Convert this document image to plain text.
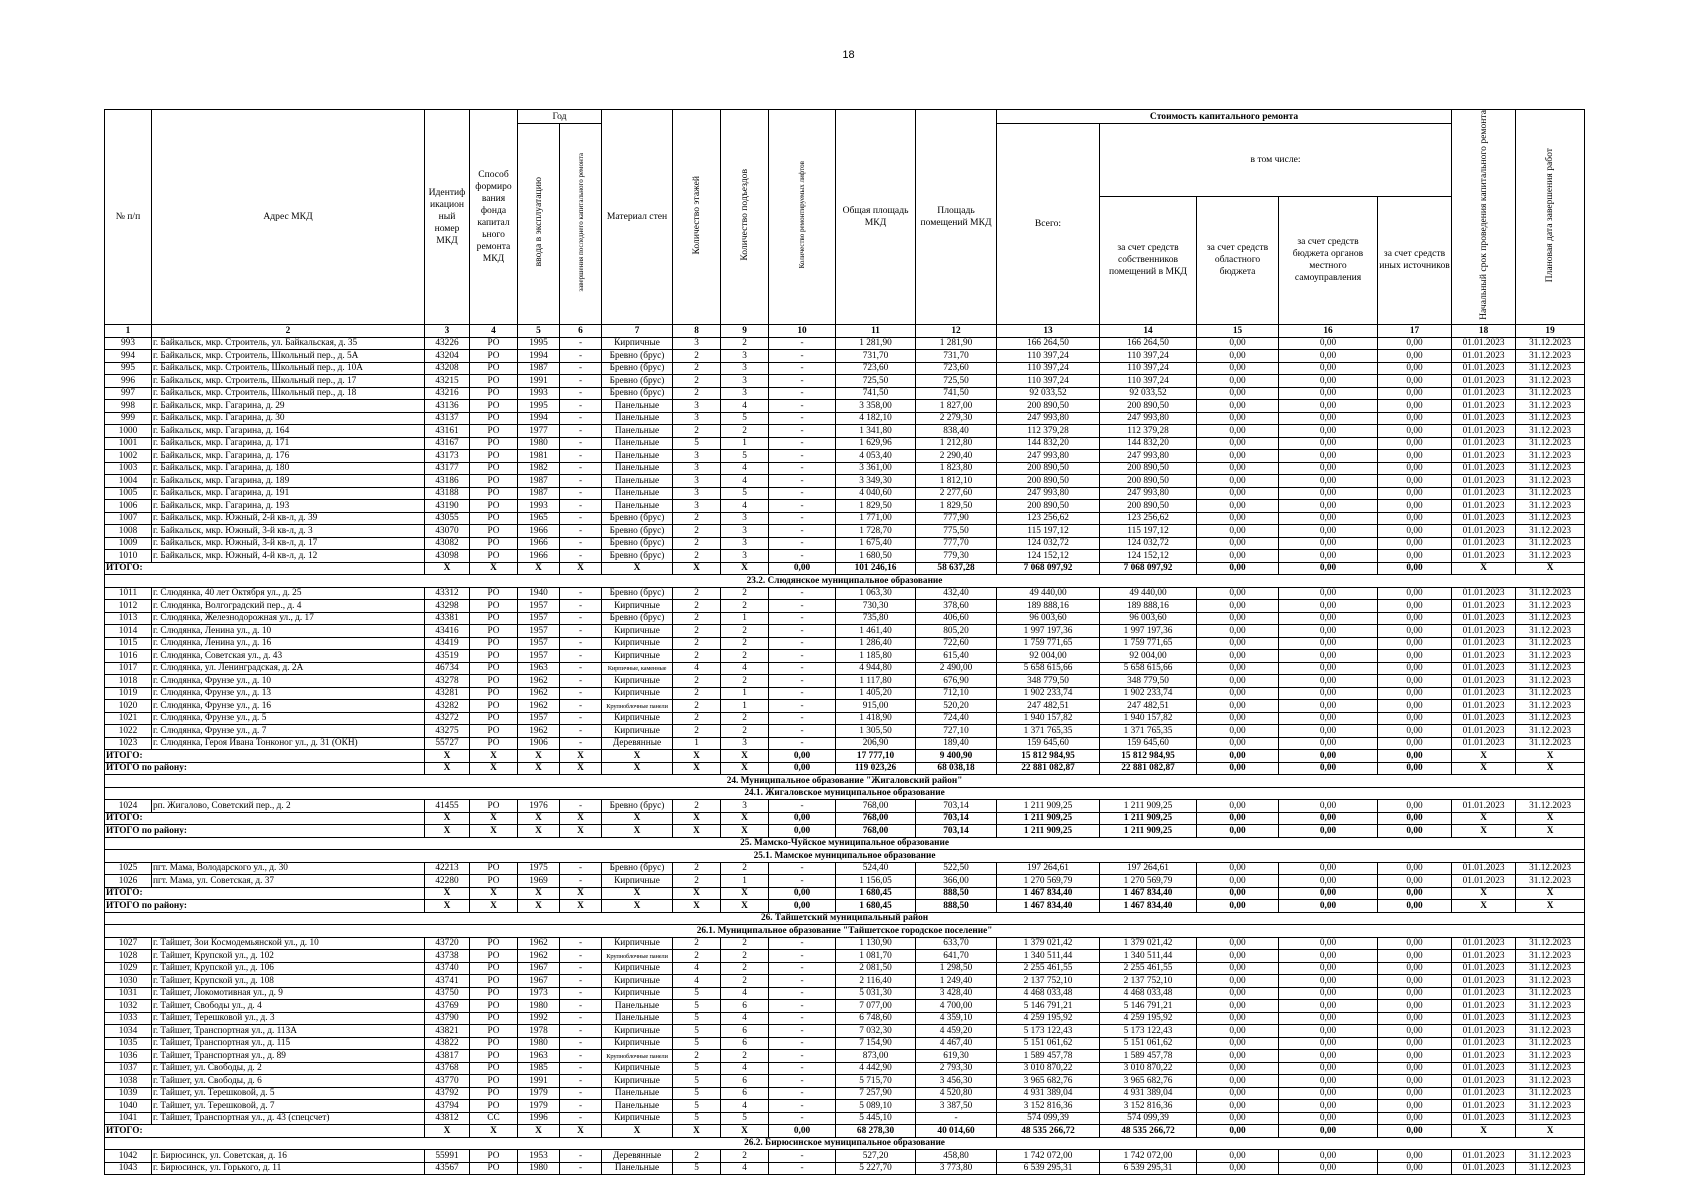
18
№ п/п	Адрес МКД	Идентиф икацион ный номер МКД	Способ формиро вания фонда капитал ьного ремонта МКД	Год		Материал стен	Количество этажей	Количество подъездов	Количество ремонтируемых лифтов	Общая площадь МКД	Площадь помещений МКД	Стоимость капитального ремонта					Начальный срок проведения капитального ремонта	Плановая дата завершения работ
				ввода в эксплуатацию	завершения последнего капитального ремонта							Всего:	в том числе:					
													за счет средств собственников помещений в МКД	за счет средств областного бюджета	за счет средств бюджета органов местного самоуправления	за счет средств иных источников		
1	2	3	4	5	6	7	8	9	10	11	12	13	14	15	16	17	18	19
993	г. Байкальск, мкр. Строитель, ул. Байкальская, д. 35	43226	РО	1995	-	Кирпичные	3	2	-	1 281,90	1 281,90	166 264,50	166 264,50	0,00	0,00	0,00	01.01.2023	31.12.2023
994	г. Байкальск, мкр. Строитель, Школьный пер., д. 5А	43204	РО	1994	-	Бревно (брус)	2	3	-	731,70	731,70	110 397,24	110 397,24	0,00	0,00	0,00	01.01.2023	31.12.2023
995	г. Байкальск, мкр. Строитель, Школьный пер., д. 10А	43208	РО	1987	-	Бревно (брус)	2	3	-	723,60	723,60	110 397,24	110 397,24	0,00	0,00	0,00	01.01.2023	31.12.2023
996	г. Байкальск, мкр. Строитель, Школьный пер., д. 17	43215	РО	1991	-	Бревно (брус)	2	3	-	725,50	725,50	110 397,24	110 397,24	0,00	0,00	0,00	01.01.2023	31.12.2023
997	г. Байкальск, мкр. Строитель, Школьный пер., д. 18	43216	РО	1993	-	Бревно (брус)	2	3	-	741,50	741,50	92 033,52	92 033,52	0,00	0,00	0,00	01.01.2023	31.12.2023
998	г. Байкальск, мкр. Гагарина, д. 29	43136	РО	1995	-	Панельные	3	4	-	3 358,00	1 827,00	200 890,50	200 890,50	0,00	0,00	0,00	01.01.2023	31.12.2023
999	г. Байкальск, мкр. Гагарина, д. 30	43137	РО	1994	-	Панельные	3	5	-	4 182,10	2 279,30	247 993,80	247 993,80	0,00	0,00	0,00	01.01.2023	31.12.2023
1000	г. Байкальск, мкр. Гагарина, д. 164	43161	РО	1977	-	Панельные	2	2	-	1 341,80	838,40	112 379,28	112 379,28	0,00	0,00	0,00	01.01.2023	31.12.2023
1001	г. Байкальск, мкр. Гагарина, д. 171	43167	РО	1980	-	Панельные	5	1	-	1 629,96	1 212,80	144 832,20	144 832,20	0,00	0,00	0,00	01.01.2023	31.12.2023
1002	г. Байкальск, мкр. Гагарина, д. 176	43173	РО	1981	-	Панельные	3	5	-	4 053,40	2 290,40	247 993,80	247 993,80	0,00	0,00	0,00	01.01.2023	31.12.2023
1003	г. Байкальск, мкр. Гагарина, д. 180	43177	РО	1982	-	Панельные	3	4	-	3 361,00	1 823,80	200 890,50	200 890,50	0,00	0,00	0,00	01.01.2023	31.12.2023
1004	г. Байкальск, мкр. Гагарина, д. 189	43186	РО	1987	-	Панельные	3	4	-	3 349,30	1 812,10	200 890,50	200 890,50	0,00	0,00	0,00	01.01.2023	31.12.2023
1005	г. Байкальск, мкр. Гагарина, д. 191	43188	РО	1987	-	Панельные	3	5	-	4 040,60	2 277,60	247 993,80	247 993,80	0,00	0,00	0,00	01.01.2023	31.12.2023
1006	г. Байкальск, мкр. Гагарина, д. 193	43190	РО	1993	-	Панельные	3	4	-	1 829,50	1 829,50	200 890,50	200 890,50	0,00	0,00	0,00	01.01.2023	31.12.2023
1007	г. Байкальск, мкр. Южный, 2-й кв-л, д. 39	43055	РО	1965	-	Бревно (брус)	2	3	-	1 771,00	777,90	123 256,62	123 256,62	0,00	0,00	0,00	01.01.2023	31.12.2023
1008	г. Байкальск, мкр. Южный, 3-й кв-л, д. 3	43070	РО	1966	-	Бревно (брус)	2	3	-	1 728,70	775,50	115 197,12	115 197,12	0,00	0,00	0,00	01.01.2023	31.12.2023
1009	г. Байкальск, мкр. Южный, 3-й кв-л, д. 17	43082	РО	1966	-	Бревно (брус)	2	3	-	1 675,40	777,70	124 032,72	124 032,72	0,00	0,00	0,00	01.01.2023	31.12.2023
1010	г. Байкальск, мкр. Южный, 4-й кв-л, д. 12	43098	РО	1966	-	Бревно (брус)	2	3	-	1 680,50	779,30	124 152,12	124 152,12	0,00	0,00	0,00	01.01.2023	31.12.2023
ИТОГО:		X	X	X	X	X	X	X	0,00	101 246,16	58 637,28	7 068 097,92	7 068 097,92	0,00	0,00	0,00	X	X
23.2. Слюдянское муниципальное образование																		
1011	г. Слюдянка, 40 лет Октября ул., д. 25	43312	РО	1940	-	Бревно (брус)	2	2	-	1 063,30	432,40	49 440,00	49 440,00	0,00	0,00	0,00	01.01.2023	31.12.2023
1012	г. Слюдянка, Волгоградский пер., д. 4	43298	РО	1957	-	Кирпичные	2	2	-	730,30	378,60	189 888,16	189 888,16	0,00	0,00	0,00	01.01.2023	31.12.2023
1013	г. Слюдянка, Железнодорожная ул., д. 17	43381	РО	1957	-	Бревно (брус)	2	1	-	735,80	406,60	96 003,60	96 003,60	0,00	0,00	0,00	01.01.2023	31.12.2023
1014	г. Слюдянка, Ленина ул., д. 10	43416	РО	1957	-	Кирпичные	2	2	-	1 461,40	805,20	1 997 197,36	1 997 197,36	0,00	0,00	0,00	01.01.2023	31.12.2023
1015	г. Слюдянка, Ленина ул., д. 16	43419	РО	1957	-	Кирпичные	2	2	-	1 286,40	722,60	1 759 771,65	1 759 771,65	0,00	0,00	0,00	01.01.2023	31.12.2023
1016	г. Слюдянка, Советская ул., д. 43	43519	РО	1957	-	Кирпичные	2	2	-	1 185,80	615,40	92 004,00	92 004,00	0,00	0,00	0,00	01.01.2023	31.12.2023
1017	г. Слюдянка, ул. Ленинградская, д. 2А	46734	РО	1963	-	Кирпичные, каменные	4	4	-	4 944,80	2 490,00	5 658 615,66	5 658 615,66	0,00	0,00	0,00	01.01.2023	31.12.2023
1018	г. Слюдянка, Фрунзе ул., д. 10	43278	РО	1962	-	Кирпичные	2	2	-	1 117,80	676,90	348 779,50	348 779,50	0,00	0,00	0,00	01.01.2023	31.12.2023
1019	г. Слюдянка, Фрунзе ул., д. 13	43281	РО	1962	-	Кирпичные	2	1	-	1 405,20	712,10	1 902 233,74	1 902 233,74	0,00	0,00	0,00	01.01.2023	31.12.2023
1020	г. Слюдянка, Фрунзе ул., д. 16	43282	РО	1962	-	Крупноблочные панели	2	1	-	915,00	520,20	247 482,51	247 482,51	0,00	0,00	0,00	01.01.2023	31.12.2023
1021	г. Слюдянка, Фрунзе ул., д. 5	43272	РО	1957	-	Кирпичные	2	2	-	1 418,90	724,40	1 940 157,82	1 940 157,82	0,00	0,00	0,00	01.01.2023	31.12.2023
1022	г. Слюдянка, Фрунзе ул., д. 7	43275	РО	1962	-	Кирпичные	2	2	-	1 305,50	727,10	1 371 765,35	1 371 765,35	0,00	0,00	0,00	01.01.2023	31.12.2023
1023	г. Слюдянка, Героя Ивана Тонконог ул., д. 31 (ОКН)	55727	РО	1906	-	Деревянные	1	3	-	206,90	189,40	159 645,60	159 645,60	0,00	0,00	0,00	01.01.2023	31.12.2023
ИТОГО:		X	X	X	X	X	X	X	0,00	17 777,10	9 400,90	15 812 984,95	15 812 984,95	0,00	0,00	0,00	X	X
ИТОГО по району:		X	X	X	X	X	X	X	0,00	119 023,26	68 038,18	22 881 082,87	22 881 082,87	0,00	0,00	0,00	X	X
24. Муниципальное образование "Жигаловский район"																		
24.1. Жигаловское муниципальное образование																		
1024	рп. Жигалово, Советский пер., д. 2	41455	РО	1976	-	Бревно (брус)	2	3	-	768,00	703,14	1 211 909,25	1 211 909,25	0,00	0,00	0,00	01.01.2023	31.12.2023
ИТОГО:		X	X	X	X	X	X	X	0,00	768,00	703,14	1 211 909,25	1 211 909,25	0,00	0,00	0,00	X	X
ИТОГО по району:		X	X	X	X	X	X	X	0,00	768,00	703,14	1 211 909,25	1 211 909,25	0,00	0,00	0,00	X	X
25. Мамско-Чуйское муниципальное образование																		
25.1. Мамское муниципальное образование																		
1025	пгт. Мама, Володарского ул., д. 30	42213	РО	1975	-	Бревно (брус)	2	2	-	524,40	522,50	197 264,61	197 264,61	0,00	0,00	0,00	01.01.2023	31.12.2023
1026	пгт. Мама, ул. Советская, д. 37	42280	РО	1969	-	Кирпичные	2	1	-	1 156,05	366,00	1 270 569,79	1 270 569,79	0,00	0,00	0,00	01.01.2023	31.12.2023
ИТОГО:		X	X	X	X	X	X	X	0,00	1 680,45	888,50	1 467 834,40	1 467 834,40	0,00	0,00	0,00	X	X
ИТОГО по району:		X	X	X	X	X	X	X	0,00	1 680,45	888,50	1 467 834,40	1 467 834,40	0,00	0,00	0,00	X	X
26. Тайшетский муниципальный район																		
26.1. Муниципальное образование "Тайшетское городское поселение"																		
1027	г. Тайшет, Зои Космодемьянской ул., д. 10	43720	РО	1962	-	Кирпичные	2	2	-	1 130,90	633,70	1 379 021,42	1 379 021,42	0,00	0,00	0,00	01.01.2023	31.12.2023
1028	г. Тайшет, Крупской ул., д. 102	43738	РО	1962	-	Крупноблочные панели	2	2	-	1 081,70	641,70	1 340 511,44	1 340 511,44	0,00	0,00	0,00	01.01.2023	31.12.2023
1029	г. Тайшет, Крупской ул., д. 106	43740	РО	1967	-	Кирпичные	4	2	-	2 081,50	1 298,50	2 255 461,55	2 255 461,55	0,00	0,00	0,00	01.01.2023	31.12.2023
1030	г. Тайшет, Крупской ул., д. 108	43741	РО	1967	-	Кирпичные	4	2	-	2 116,40	1 249,40	2 137 752,10	2 137 752,10	0,00	0,00	0,00	01.01.2023	31.12.2023
1031	г. Тайшет, Локомотивная ул., д. 9	43750	РО	1973	-	Кирпичные	5	4	-	5 031,30	3 428,40	4 468 033,48	4 468 033,48	0,00	0,00	0,00	01.01.2023	31.12.2023
1032	г. Тайшет, Свободы ул., д. 4	43769	РО	1980	-	Панельные	5	6	-	7 077,00	4 700,00	5 146 791,21	5 146 791,21	0,00	0,00	0,00	01.01.2023	31.12.2023
1033	г. Тайшет, Терешковой ул., д. 3	43790	РО	1992	-	Панельные	5	4	-	6 748,60	4 359,10	4 259 195,92	4 259 195,92	0,00	0,00	0,00	01.01.2023	31.12.2023
1034	г. Тайшет, Транспортная ул., д. 113А	43821	РО	1978	-	Кирпичные	5	6	-	7 032,30	4 459,20	5 173 122,43	5 173 122,43	0,00	0,00	0,00	01.01.2023	31.12.2023
1035	г. Тайшет, Транспортная ул., д. 115	43822	РО	1980	-	Кирпичные	5	6	-	7 154,90	4 467,40	5 151 061,62	5 151 061,62	0,00	0,00	0,00	01.01.2023	31.12.2023
1036	г. Тайшет, Транспортная ул., д. 89	43817	РО	1963	-	Крупноблочные панели	2	2	-	873,00	619,30	1 589 457,78	1 589 457,78	0,00	0,00	0,00	01.01.2023	31.12.2023
1037	г. Тайшет, ул. Свободы, д. 2	43768	РО	1985	-	Кирпичные	5	4	-	4 442,90	2 793,30	3 010 870,22	3 010 870,22	0,00	0,00	0,00	01.01.2023	31.12.2023
1038	г. Тайшет, ул. Свободы, д. 6	43770	РО	1991	-	Кирпичные	5	6	-	5 715,70	3 456,30	3 965 682,76	3 965 682,76	0,00	0,00	0,00	01.01.2023	31.12.2023
1039	г. Тайшет, ул. Терешковой, д. 5	43792	РО	1979	-	Панельные	5	6	-	7 257,90	4 520,80	4 931 389,04	4 931 389,04	0,00	0,00	0,00	01.01.2023	31.12.2023
1040	г. Тайшет, ул. Терешковой, д. 7	43794	РО	1979	-	Панельные	5	4	-	5 089,10	3 387,50	3 152 816,36	3 152 816,36	0,00	0,00	0,00	01.01.2023	31.12.2023
1041	г. Тайшет, Транспортная ул., д. 43 (спецсчет)	43812	СС	1996	-	Кирпичные	5	5	-	5 445,10	-	574 099,39	574 099,39	0,00	0,00	0,00	01.01.2023	31.12.2023
ИТОГО:		X	X	X	X	X	X	X	0,00	68 278,30	40 014,60	48 535 266,72	48 535 266,72	0,00	0,00	0,00	X	X
26.2. Бирюсинское муниципальное образование																		
1042	г. Бирюсинск, ул. Советская, д. 16	55991	РО	1953	-	Деревянные	2	2	-	527,20	458,80	1 742 072,00	1 742 072,00	0,00	0,00	0,00	01.01.2023	31.12.2023
1043	г. Бирюсинск, ул. Горького, д. 11	43567	РО	1980	-	Панельные	5	4	-	5 227,70	3 773,80	6 539 295,31	6 539 295,31	0,00	0,00	0,00	01.01.2023	31.12.2023
